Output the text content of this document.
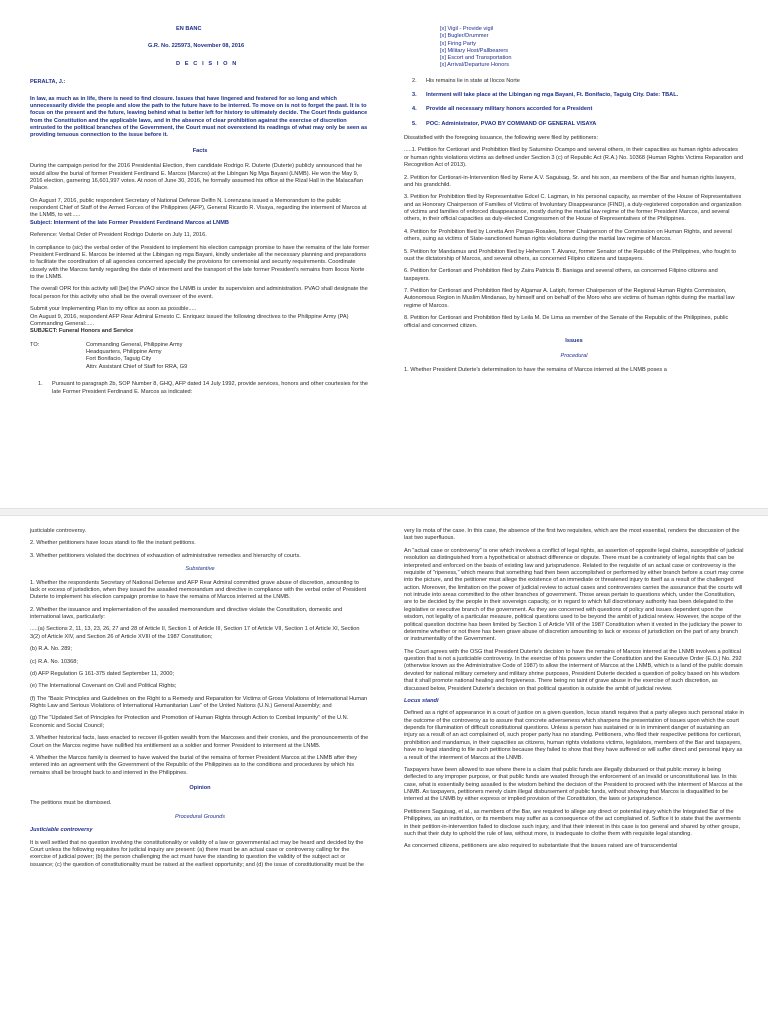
EN BANC
G.R. No. 225973, November 08, 2016
D E C I S I O N

PERALTA, J.:

In law, as much as in life, there is need to find closure. Issues that have lingered and festered for so long and which unnecessarily divide the people and slow the path to the future have to be interred. To move on is not to forget the past. It is to focus on the present and the future, leaving behind what is better left for history to ultimately decide. The Court finds guidance from the Constitution and the applicable laws, and in the absence of clear prohibition against the exercise of discretion entrusted to the political branches of the Government, the Court must not overextend its readings of what may only be seen as providing tenuous connection to the issue before it.

Facts

During the campaign period for the 2016 Presidential Election, then candidate Rodrigo R. Duterte (Duterte) publicly announced that he would allow the burial of former President Ferdinand E. Marcos (Marcos) at the Libingan Ng Mga Bayani (LNMB). He won the May 9, 2016 election, garnering 16,601,997 votes. At noon of June 30, 2016, he formally assumed his office at the Rizal Hall in the Malacañan Palace.

On August 7, 2016, public respondent Secretary of National Defense Delfin N. Lorenzana issued a Memorandum to the public respondent Chief of Staff of the Armed Forces of the Philippines (AFP), General Ricardo R. Visaya, regarding the interment of Marcos at the LNMB, to wit:.....
Subject: Interment of the late Former President Ferdinand Marcos at LNMB

Reference: Verbal Order of President Rodrigo Duterte on July 11, 2016.

In compliance to (sic) the verbal order of the President to implement his election campaign promise to have the remains of the late former President Ferdinand E. Marcos be interred at the Libingan ng mga Bayani, kindly undertake all the necessary planning and preparations to facilitate the coordination of all agencies concerned specially the provisions for ceremonial and security requirements. Coordinate closely with the Marcos family regarding the date of interment and the transport of the late former President's remains from Ilocos Norte to the LNMB.

The overall OPR for this activity will [be] the PVAO since the LNMB is under its supervision and administration. PVAO shall designate the focal person for this activity who shall be the overall overseer of the event.

Submit your Implementing Plan to my office as soon as possible.....
On August 9, 2016, respondent AFP Rear Admiral Ernesto C. Enriquez issued the following directives to the Philippine Army (PA) Commanding General:.....
SUBJECT: Funeral Honors and Service
TO:	Commanding General, Philippine Army
Headquarters, Philippine Army
Fort Bonifacio, Taguig City
Attn: Assistant Chief of Staff for RRA, G9
1.	Pursuant to paragraph 2b, SOP Number 8, GHQ, AFP dated 14 July 1992, provide services, honors and other courtesies for the late Former President Ferdinand E. Marcos as indicated:
[x] Vigil - Provide vigil
[x] Bugler/Drummer
[x] Firing Party
[x] Military Host/Pallbearers
[x] Escort and Transportation
[x] Arrival/Departure Honors
2.	His remains lie in state at Ilocos Norte
3.	Interment will take place at the Libingan ng mga Bayani, Ft. Bonifacio, Taguig City. Date: TBAL.
4.	Provide all necessary military honors accorded for a President
5.	POC: Administrator, PVAO BY COMMAND OF GENERAL VISAYA

Dissatisfied with the foregoing issuance, the following were filed by petitioners:

.....1. Petition for Certiorari and Prohibition filed by Saturnino Ocampo and several others, in their capacities as human rights advocates or human rights violations victims as defined under Section 3 (c) of Republic Act (R.A.) No. 10368 (Human Rights Victims Reparation and Recognition Act of 2013).

2. Petition for Certiorari-in-Intervention filed by Rene A.V. Saguisag, Sr. and his son, as members of the Bar and human rights lawyers, and his grandchild.

3. Petition for Prohibition filed by Representative Edcel C. Lagman, in his personal capacity, as member of the House of Representatives and as Honorary Chairperson of Families of Victims of Involuntary Disappearance (FIND), a duly-registered corporation and organization of victims and families of enforced disappearance, mostly during the martial law regime of the former President Marcos, and several others, in their official capacities as duly-elected Congressmen of the House of Representatives of the Philippines.

4. Petition for Prohibition filed by Loretta Ann Pargas-Rosales, former Chairperson of the Commission on Human Rights, and several others, suing as victims of State-sanctioned human rights violations during the martial law regime of Marcos.

5. Petition for Mandamus and Prohibition filed by Heherson T. Alvarez, former Senator of the Republic of the Philippines, who fought to oust the dictatorship of Marcos, and several others, as concerned Filipino citizens and taxpayers.

6. Petition for Certiorari and Prohibition filed by Zaira Patricia B. Baniaga and several others, as concerned Filipino citizens and taxpayers.

7. Petition for Certiorari and Prohibition filed by Algamar A. Latiph, former Chairperson of the Regional Human Rights Commission, Autonomous Region in Muslim Mindanao, by himself and on behalf of the Moro who are victims of human rights during the martial law regime of Marcos.

8. Petition for Certiorari and Prohibition filed by Leila M. De Lima as member of the Senate of the Republic of the Philippines, public official and concerned citizen.

Issues
Procedural

1. Whether President Duterte's determination to have the remains of Marcos interred at the LNMB poses a

justiciable controversy.

2. Whether petitioners have locus standi to file the instant petitions.

3. Whether petitioners violated the doctrines of exhaustion of administrative remedies and hierarchy of courts.

Substantive

1. Whether the respondents Secretary of National Defense and AFP Rear Admiral committed grave abuse of discretion, amounting to lack or excess of jurisdiction, when they issued the assailed memorandum and directive in compliance with the verbal order of President Duterte to implement his election campaign promise to have the remains of Marcos interred at the LNMB.

2. Whether the issuance and implementation of the assailed memorandum and directive violate the Constitution, domestic and international laws, particularly:

.....(a) Sections 2, 11, 13, 23, 26, 27 and 28 of Article II, Section 1 of Article III, Section 17 of Article VII, Section 1 of Article XI, Section 3(2) of Article XIV, and Section 26 of Article XVIII of the 1987 Constitution;

(b) R.A. No. 289;

(c) R.A. No. 10368;

(d) AFP Regulation G 161-375 dated September 11, 2000;

(e) The International Covenant on Civil and Political Rights;

(f) The "Basic Principles and Guidelines on the Right to a Remedy and Reparation for Victims of Gross Violations of International Human Rights Law and Serious Violations of International Humanitarian Law" of the United Nations (U.N.) General Assembly; and

(g) The "Updated Set of Principles for Protection and Promotion of Human Rights through Action to Combat Impunity" of the U.N. Economic and Social Council;

3. Whether historical facts, laws enacted to recover ill-gotten wealth from the Marcoses and their cronies, and the pronouncements of the Court on the Marcos regime have nullified his entitlement as a soldier and former President to interment at the LNMB.

4. Whether the Marcos family is deemed to have waived the burial of the remains of former President Marcos at the LNMB after they entered into an agreement with the Government of the Republic of the Philippines as to the conditions and procedures by which his remains shall be brought back to and interred in the Philippines.

Opinion

The petitions must be dismissed.

Procedural Grounds
Justiciable controversy

It is well settled that no question involving the constitutionality or validity of a law or governmental act may be heard and decided by the Court unless the following requisites for judicial inquiry are present: (a) there must be an actual case or controversy calling for the exercise of judicial power; (b) the person challenging the act must have the standing to question the validity of the subject act or issuance; (c) the question of constitutionality must be raised at the earliest opportunity; and (d) the issue of constitutionality must be the

very lis mota of the case. In this case, the absence of the first two requisites, which are the most essential, renders the discussion of the last two superfluous.

An "actual case or controversy" is one which involves a conflict of legal rights, an assertion of opposite legal claims, susceptible of judicial resolution as distinguished from a hypothetical or abstract difference or dispute. There must be a contrariety of legal rights that can be interpreted and enforced on the basis of existing law and jurisprudence. Related to the requisite of an actual case or controversy is the requisite of "ripeness," which means that something had then been accomplished or performed by either branch before a court may come into the picture, and the petitioner must allege the existence of an immediate or threatened injury to itself as a result of the challenged action. Moreover, the limitation on the power of judicial review to actual cases and controversies carries the assurance that the courts will not intrude into areas committed to the other branches of government. Those areas pertain to questions which, under the Constitution, are to be decided by the people in their sovereign capacity, or in regard to which full discretionary authority has been delegated to the legislative or executive branch of the government. As they are concerned with questions of policy and issues dependent upon the wisdom, not legality of a particular measure, political questions used to be beyond the ambit of judicial review. However, the scope of the political question doctrine has been limited by Section 1 of Article VIII of the 1987 Constitution when it vested in the judiciary the power to determine whether or not there has been grave abuse of discretion amounting to lack or excess of jurisdiction on the part of any branch or instrumentality of the Government.

The Court agrees with the OSG that President Duterte's decision to have the remains of Marcos interred at the LNMB involves a political question that is not a justiciable controversy. In the exercise of his powers under the Constitution and the Executive Order (E.O.) No. 292 (otherwise known as the Administrative Code of 1987) to allow the interment of Marcos at the LNMB, which is a land of the public domain devoted for national military cemetery and military shrine purposes, President Duterte decided a question of policy based on his wisdom that it shall promote national healing and forgiveness. There being no taint of grave abuse in the exercise of such discretion, as discussed below, President Duterte's decision on that political question is outside the ambit of judicial review.

Locus standi

Defined as a right of appearance in a court of justice on a given question, locus standi requires that a party alleges such personal stake in the outcome of the controversy as to assure that concrete adverseness which sharpens the presentation of issues upon which the court depends for illumination of difficult constitutional questions. Unless a person has sustained or is in imminent danger of sustaining an injury as a result of an act complained of, such proper party has no standing. Petitioners, who filed their respective petitions for certiorari, prohibition and mandamus, in their capacities as citizens, human rights violations victims, legislators, members of the Bar and taxpayers, have no legal standing to file such petitions because they failed to show that they have suffered or will suffer direct and personal injury as a result of the interment of Marcos at the LNMB.

Taxpayers have been allowed to sue where there is a claim that public funds are illegally disbursed or that public money is being deflected to any improper purpose, or that public funds are wasted through the enforcement of an invalid or unconstitutional law. In this case, what is essentially being assailed is the wisdom behind the decision of the President to proceed with the interment of Marcos at the LNMB. As taxpayers, petitioners merely claim illegal disbursement of public funds, without showing that Marcos is disqualified to be interred at the LNMB by either express or implied provision of the Constitution, the laws or jurisprudence.

Petitioners Saguisag, et al., as members of the Bar, are required to allege any direct or potential injury which the Integrated Bar of the Philippines, as an institution, or its members may suffer as a consequence of the act complained of. Suffice it to state that the averments in their petition-in-intervention failed to disclose such injury, and that their interest in this case is too general and shared by other groups, such that their duty to uphold the rule of law, without more, is inadequate to clothe them with requisite legal standing.

As concerned citizens, petitioners are also required to substantiate that the issues raised are of transcendental
